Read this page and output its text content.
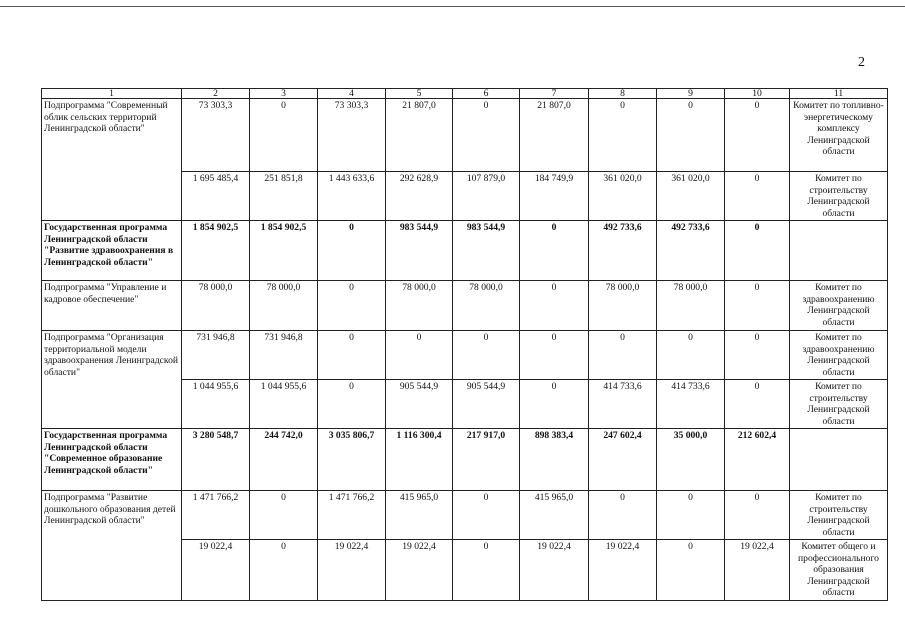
2
1	2	3	4	5	6	7	8	9	10	11
Подпрограмма "Современный облик сельских территорий Ленинградской области"	73 303,3	0	73 303,3	21 807,0	0	21 807,0	0	0	0	Комитет по топливно-энергетическому комплексу Ленинградской области
	1 695 485,4	251 851,8	1 443 633,6	292 628,9	107 879,0	184 749,9	361 020,0	361 020,0	0	Комитет по строительству Ленинградской области
Государственная программа Ленинградской области "Развитие здравоохранения в Ленинградской области"	1 854 902,5	1 854 902,5	0	983 544,9	983 544,9	0	492 733,6	492 733,6	0	
Подпрограмма "Управление и кадровое обеспечение"	78 000,0	78 000,0	0	78 000,0	78 000,0	0	78 000,0	78 000,0	0	Комитет по здравоохранению Ленинградской области
Подпрограмма "Организация территориальной модели здравоохранения Ленинградской области"	731 946,8	731 946,8	0	0	0	0	0	0	0	Комитет по здравоохранению Ленинградской области
	1 044 955,6	1 044 955,6	0	905 544,9	905 544,9	0	414 733,6	414 733,6	0	Комитет по строительству Ленинградской области
Государственная программа Ленинградской области "Современное образование Ленинградской области"	3 280 548,7	244 742,0	3 035 806,7	1 116 300,4	217 917,0	898 383,4	247 602,4	35 000,0	212 602,4	
Подпрограмма "Развитие дошкольного образования детей Ленинградской области"	1 471 766,2	0	1 471 766,2	415 965,0	0	415 965,0	0	0	0	Комитет по строительству Ленинградской области
	19 022,4	0	19 022,4	19 022,4	0	19 022,4	19 022,4	0	19 022,4	Комитет общего и профессионального образования Ленинградской области
